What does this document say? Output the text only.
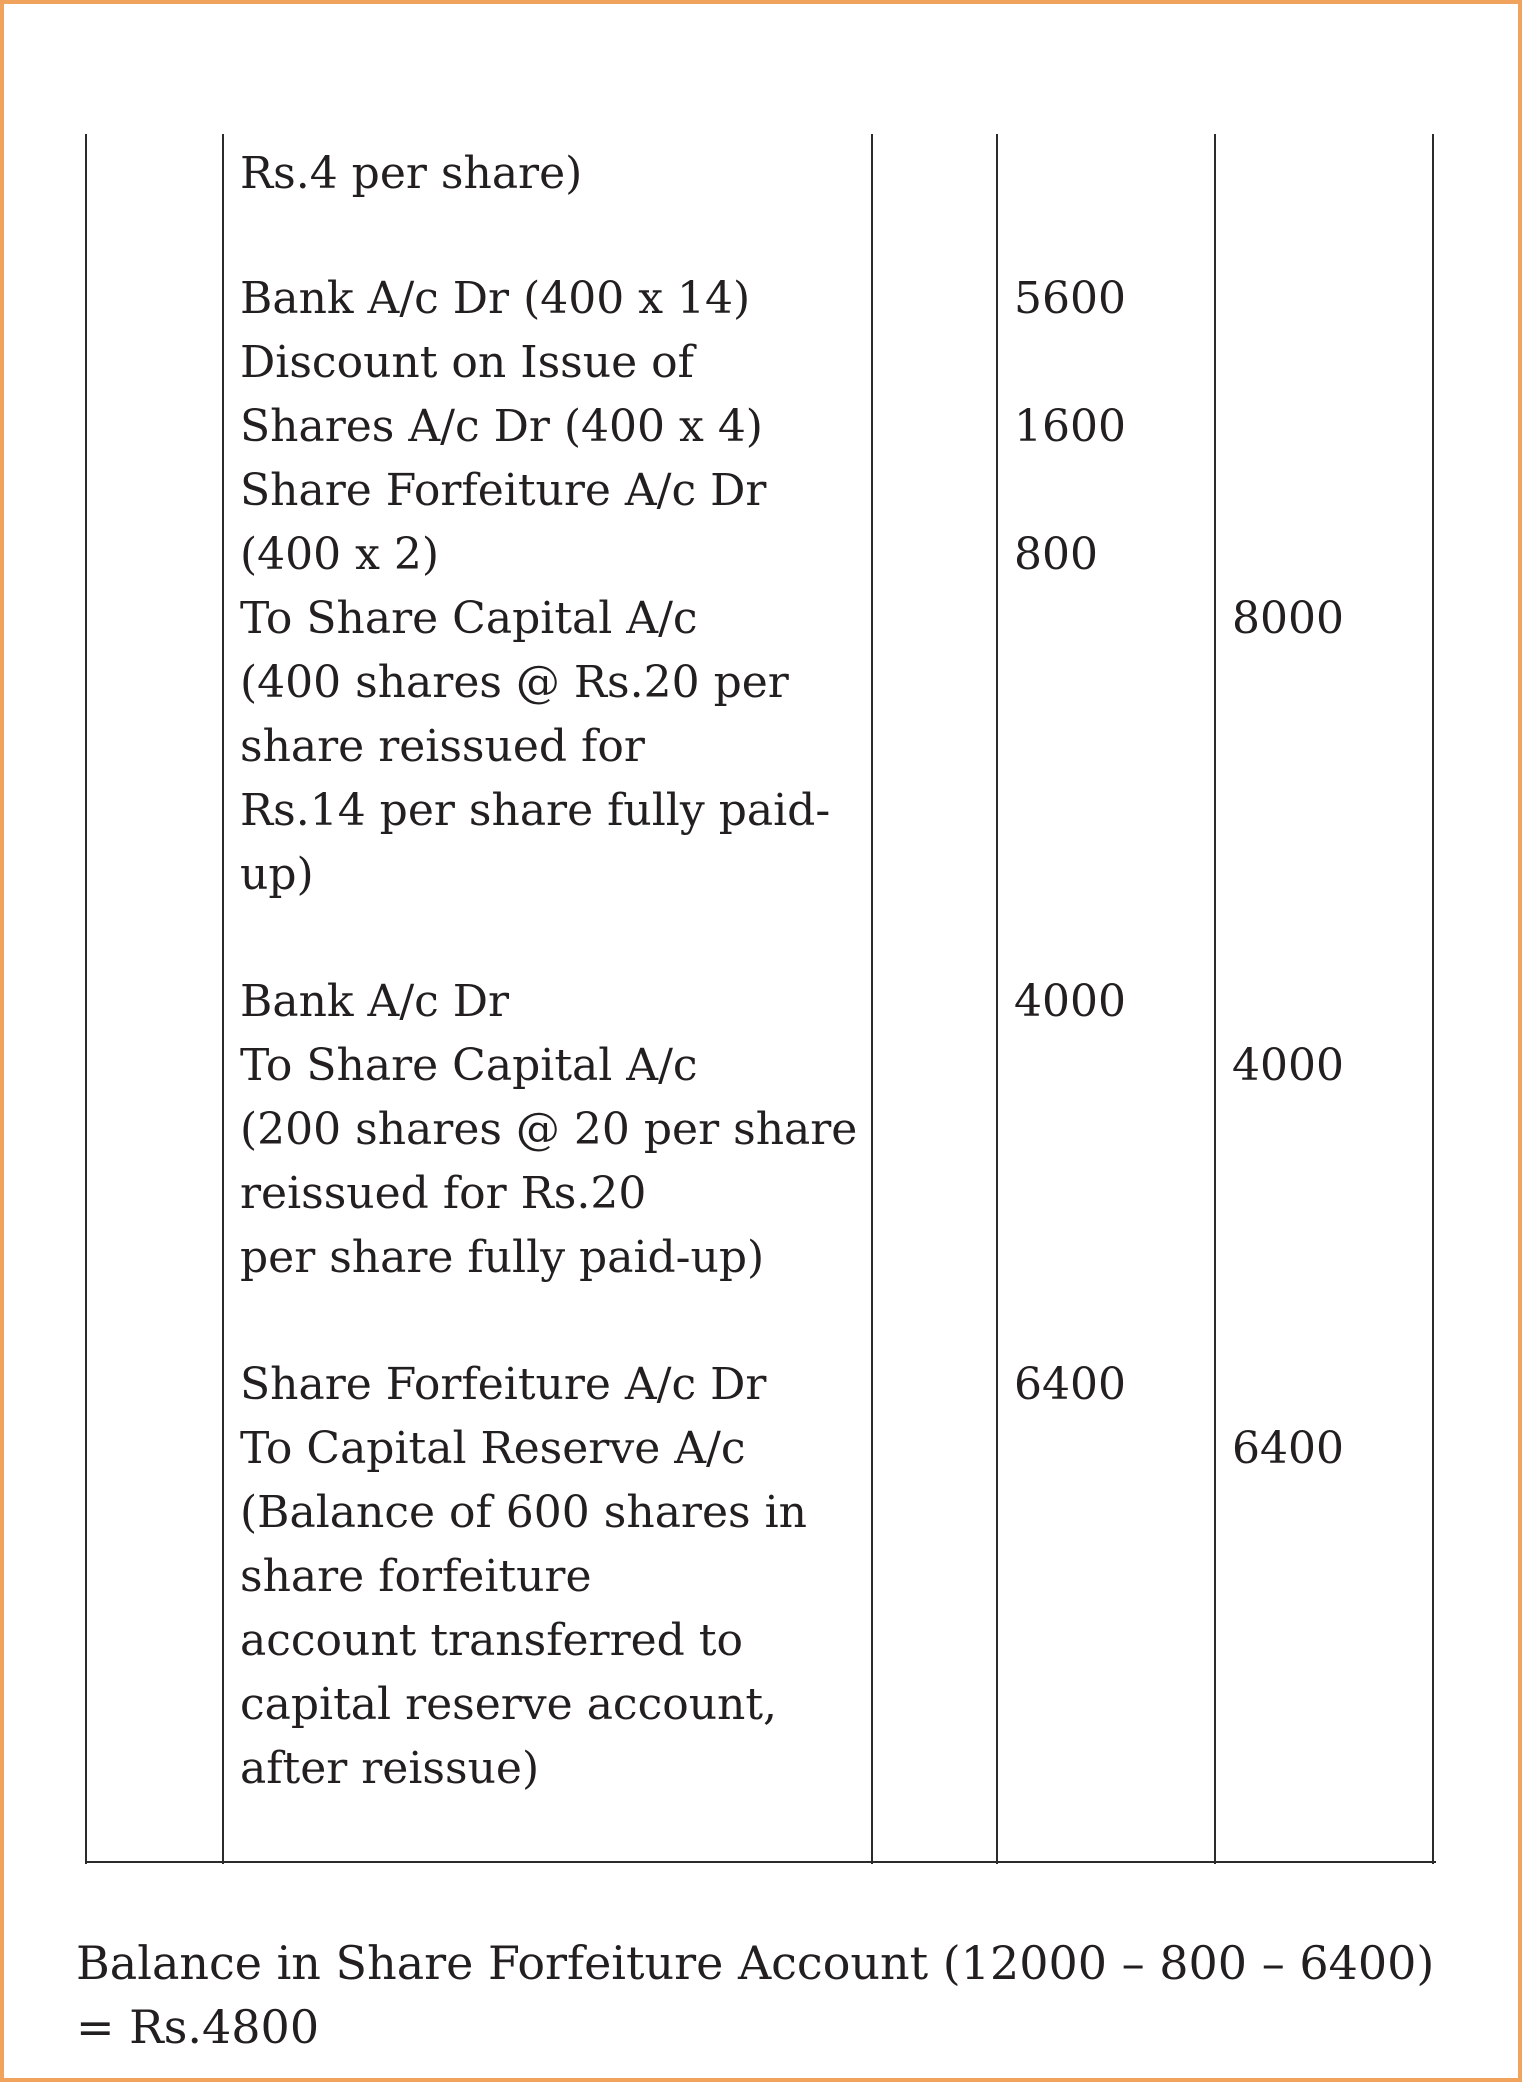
Rs.4 per share)

Bank A/c Dr (400 x 14)

Discount on Issue of

Shares A/c Dr (400 x 4)

Share Forfeiture A/c Dr

(400 x 2)

To Share Capital A/c

(400 shares @ Rs.20 per

share reissued for

Rs.14 per share fully paid-

up)

5600

1600

800

8000

Bank A/c Dr

To Share Capital A/c

(200 shares @ 20 per share

reissued for Rs.20

per share fully paid-up)

4000

4000

Share Forfeiture A/c Dr

To Capital Reserve A/c

(Balance of 600 shares in

share forfeiture

account transferred to

capital reserve account,

after reissue)

6400

6400

Balance in Share Forfeiture Account (12000 – 800 – 6400)

= Rs.4800
